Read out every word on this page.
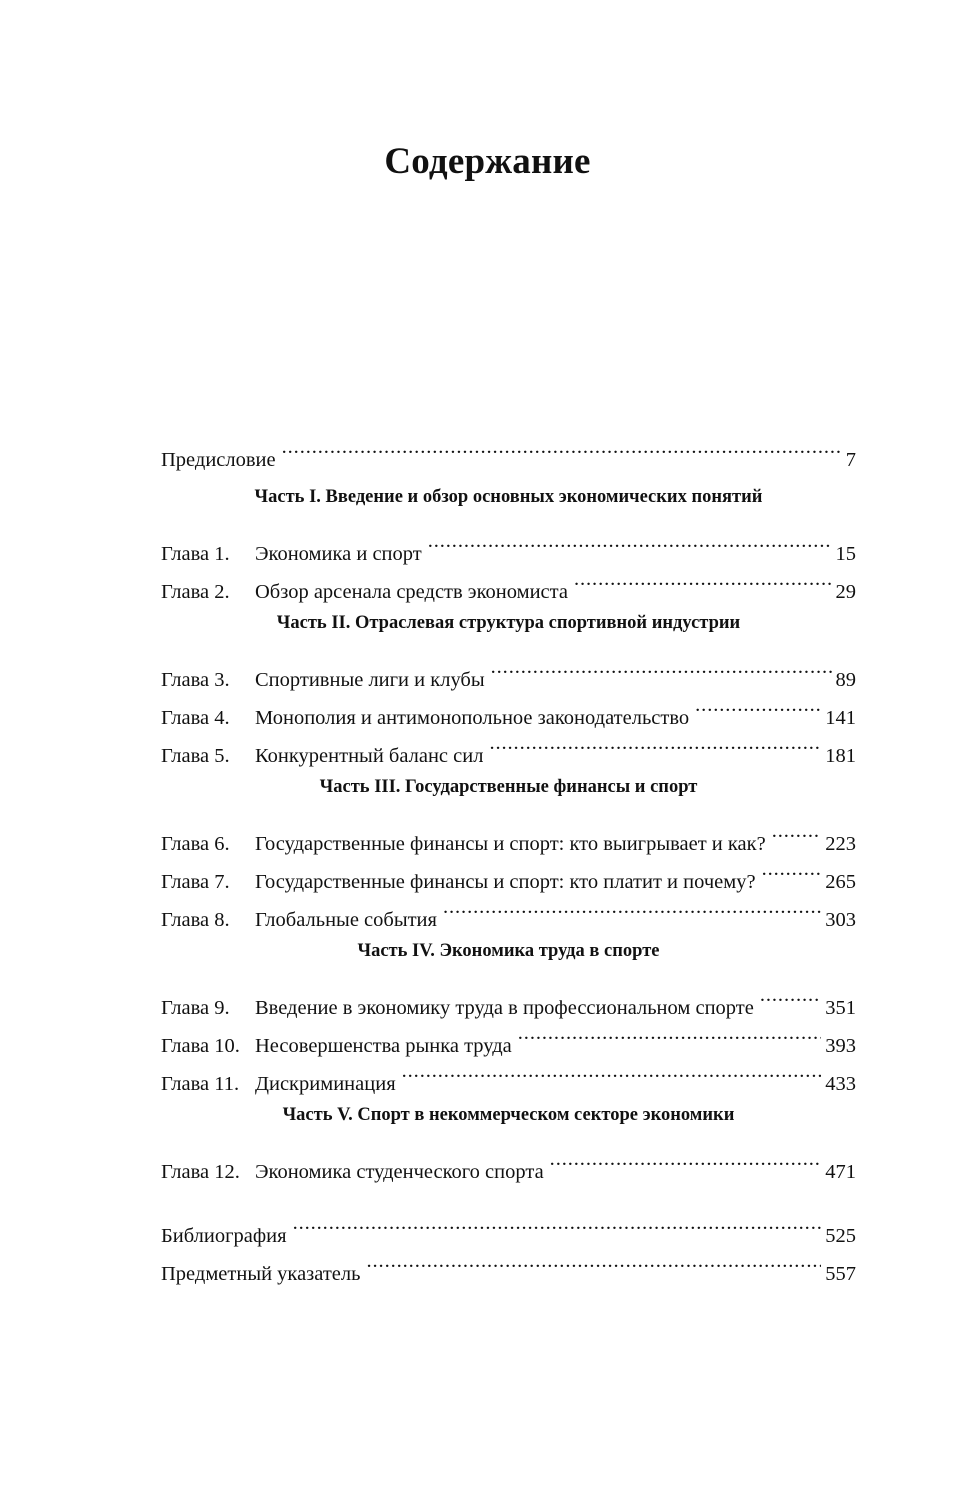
Содержание
Предисловие .....	7
Часть I. Введение и обзор основных экономических понятий
Глава 1.	Экономика и спорт .....	15
Глава 2.	Обзор арсенала средств экономиста .....	29
Часть II. Отраслевая структура спортивной индустрии
Глава 3.	Спортивные лиги и клубы .....	89
Глава 4.	Монополия и антимонопольное законодательство .....	141
Глава 5.	Конкурентный баланс сил .....	181
Часть III. Государственные финансы и спорт
Глава 6.	Государственные финансы и спорт: кто выигрывает и как? .....	223
Глава 7.	Государственные финансы и спорт: кто платит и почему? .....	265
Глава 8.	Глобальные события .....	303
Часть IV. Экономика труда в спорте
Глава 9.	Введение в экономику труда в профессиональном спорте .....	351
Глава 10. Несовершенства рынка труда .....	393
Глава 11. Дискриминация .....	433
Часть V. Спорт в некоммерческом секторе экономики
Глава 12. Экономика студенческого спорта .....	471
Библиография .....	525
Предметный указатель .....	557
